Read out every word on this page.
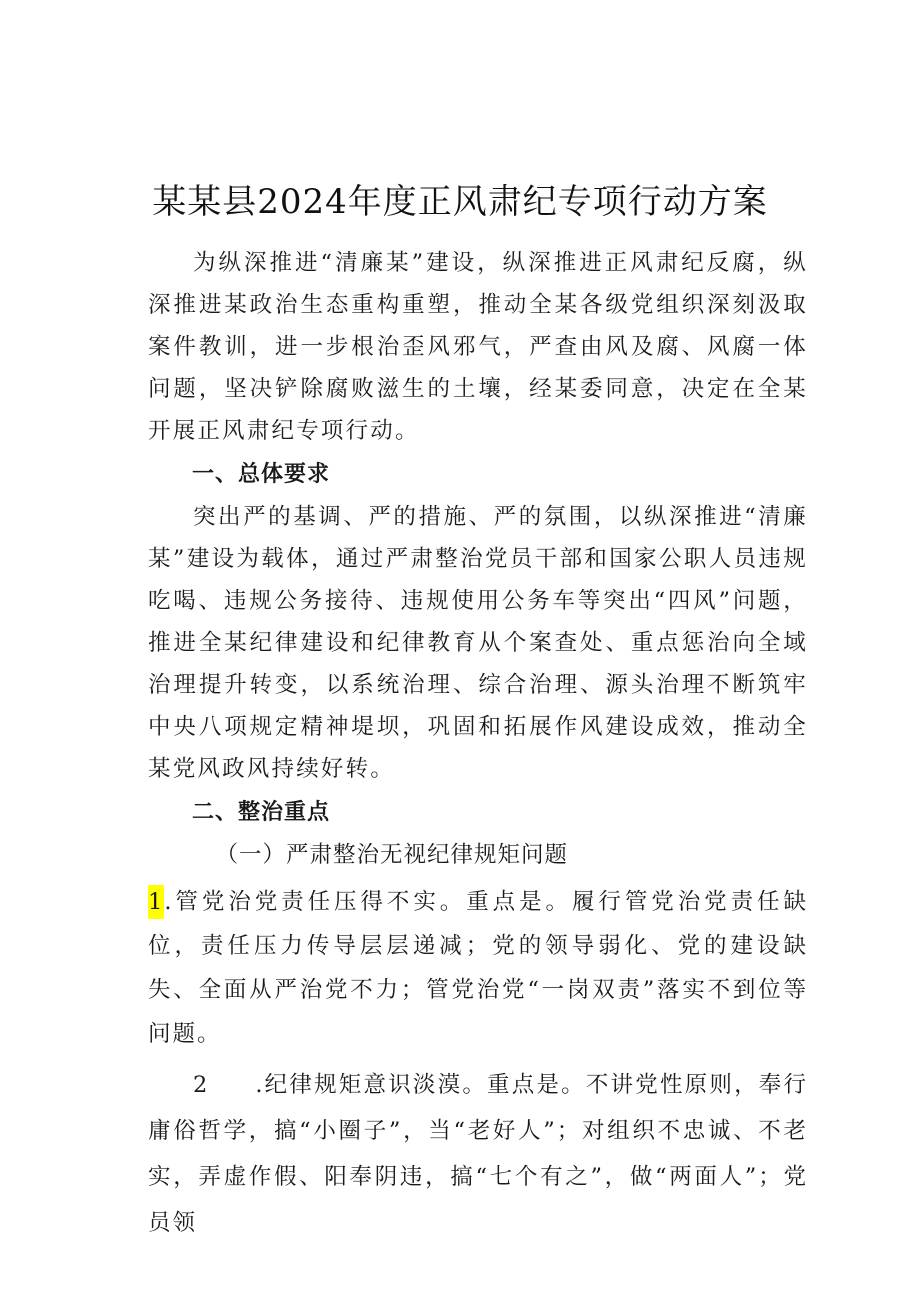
某某县2024年度正风肃纪专项行动方案

为纵深推进“清廉某”建设，纵深推进正风肃纪反腐，纵深推进某政治生态重构重塑，推动全某各级党组织深刻汲取案件教训，进一步根治歪风邪气，严查由风及腐、风腐一体问题，坚决铲除腐败滋生的土壤，经某委同意，决定在全某开展正风肃纪专项行动。

一、总体要求

突出严的基调、严的措施、严的氛围，以纵深推进“清廉某”建设为载体，通过严肃整治党员干部和国家公职人员违规吃喝、违规公务接待、违规使用公务车等突出“四风”问题，推进全某纪律建设和纪律教育从个案查处、重点惩治向全域治理提升转变，以系统治理、综合治理、源头治理不断筑牢中央八项规定精神堤坝，巩固和拓展作风建设成效，推动全某党风政风持续好转。

二、整治重点

（一）严肃整治无视纪律规矩问题

1.管党治党责任压得不实。重点是。履行管党治党责任缺位，责任压力传导层层递减；党的领导弱化、党的建设缺失、全面从严治党不力；管党治党“一岗双责”落实不到位等问题。

2 .纪律规矩意识淡漠。重点是。不讲党性原则，奉行庸俗哲学，搞“小圈子”，当“老好人”；对组织不忠诚、不老实，弄虚作假、阳奉阴违，搞“七个有之”，做“两面人”；党员领
